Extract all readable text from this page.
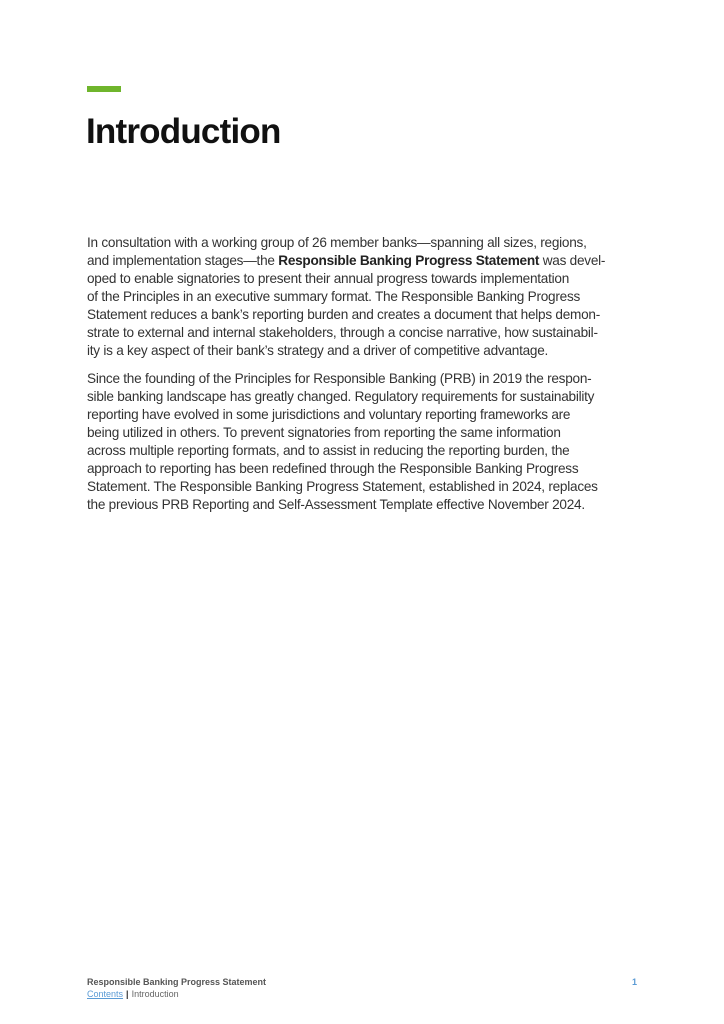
Introduction

In consultation with a working group of 26 member banks—spanning all sizes, regions,
and implementation stages—the Responsible Banking Progress Statement was devel-
oped to enable signatories to present their annual progress towards implementation
of the Principles in an executive summary format. The Responsible Banking Progress
Statement reduces a bank’s reporting burden and creates a document that helps demon-
strate to external and internal stakeholders, through a concise narrative, how sustainabil-
ity is a key aspect of their bank’s strategy and a driver of competitive advantage.

Since the founding of the Principles for Responsible Banking (PRB) in 2019 the respon-
sible banking landscape has greatly changed. Regulatory requirements for sustainability
reporting have evolved in some jurisdictions and voluntary reporting frameworks are
being utilized in others. To prevent signatories from reporting the same information
across multiple reporting formats, and to assist in reducing the reporting burden, the
approach to reporting has been redefined through the Responsible Banking Progress
Statement. The Responsible Banking Progress Statement, established in 2024, replaces
the previous PRB Reporting and Self-Assessment Template effective November 2024.

Responsible Banking Progress Statement
Contents | Introduction
1
